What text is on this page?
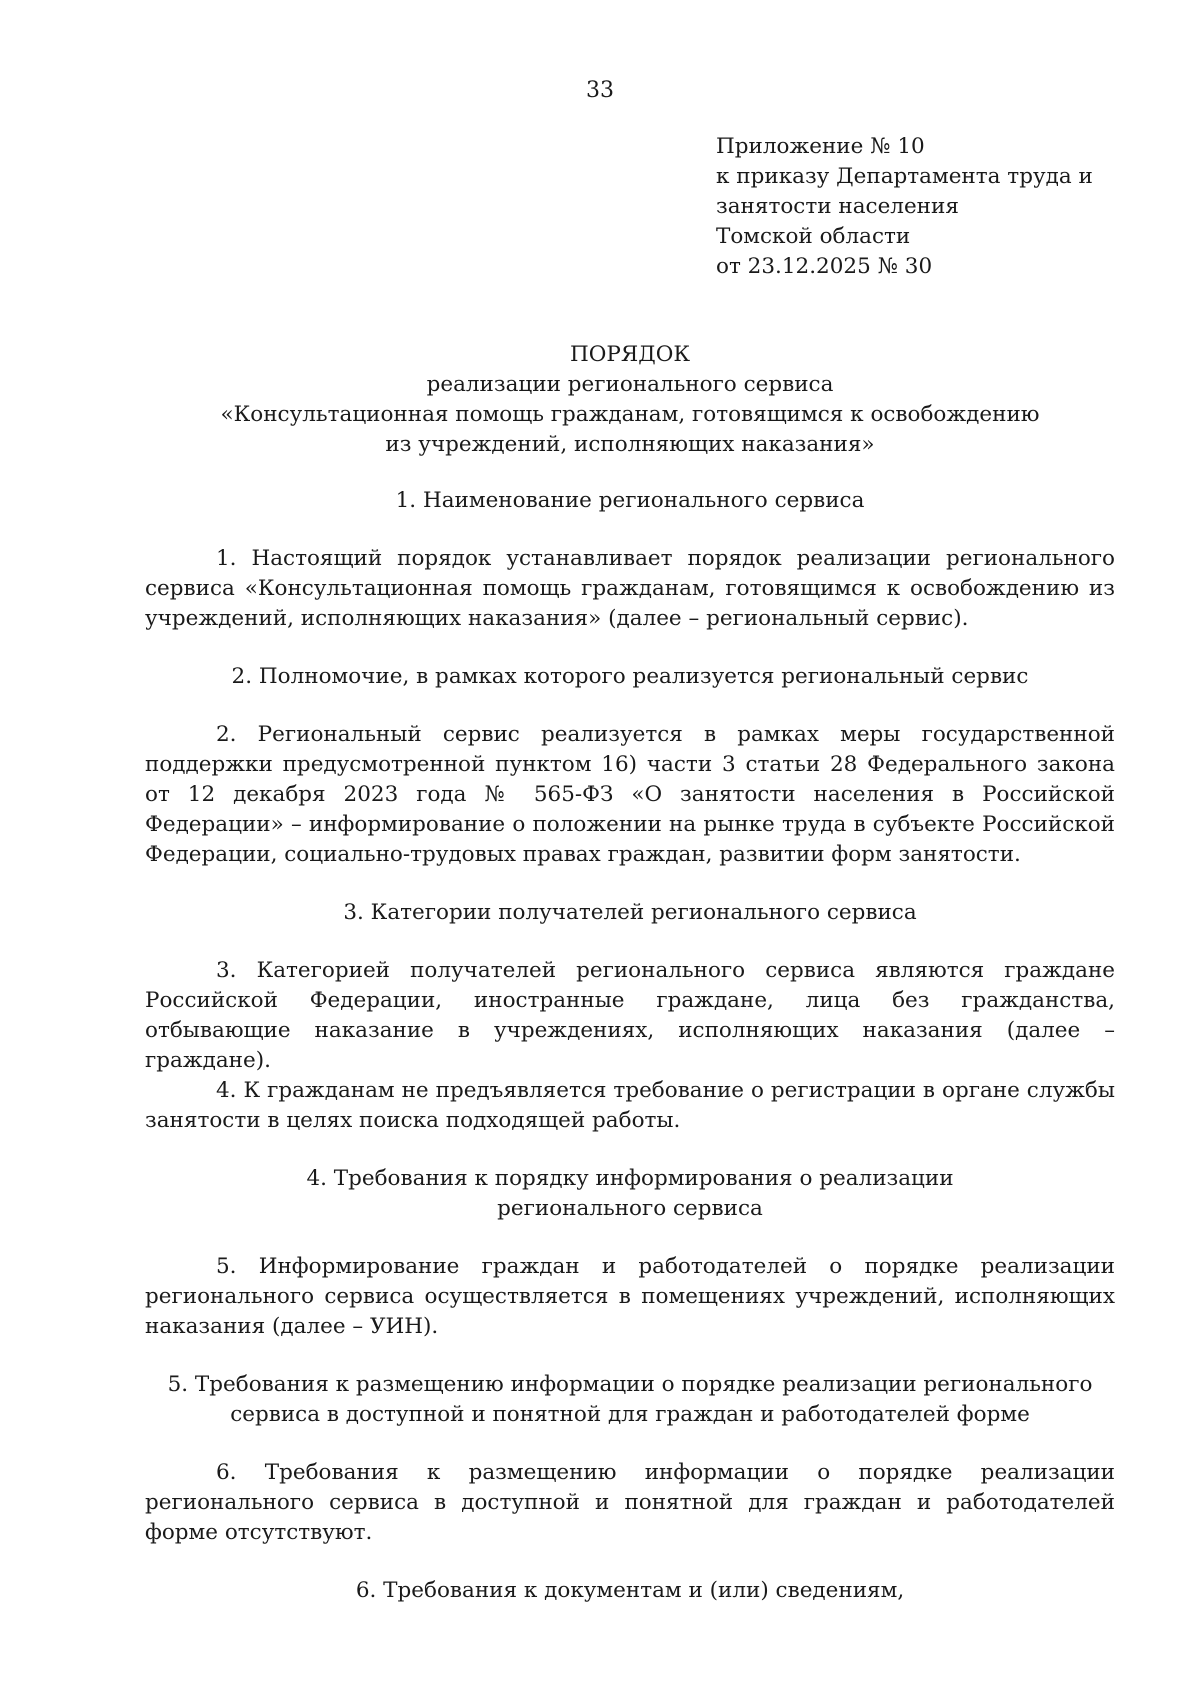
33
Приложение № 10
к приказу Департамента труда и
занятости населения
Томской области
от 23.12.2025 № 30
ПОРЯДОК
реализации регионального сервиса
«Консультационная помощь гражданам, готовящимся к освобождению
из учреждений, исполняющих наказания»
1. Наименование регионального сервиса

1. Настоящий порядок устанавливает порядок реализации регионального сервиса «Консультационная помощь гражданам, готовящимся к освобождению из учреждений, исполняющих наказания» (далее – региональный сервис).

2. Полномочие, в рамках которого реализуется региональный сервис

2. Региональный сервис реализуется в рамках меры государственной поддержки предусмотренной пунктом 16) части 3 статьи 28 Федерального закона от 12 декабря 2023 года № 565-ФЗ «О занятости населения в Российской Федерации» – информирование о положении на рынке труда в субъекте Российской Федерации, социально-трудовых правах граждан, развитии форм занятости.

3. Категории получателей регионального сервиса

3. Категорией получателей регионального сервиса являются граждане Российской Федерации, иностранные граждане, лица без гражданства, отбывающие наказание в учреждениях, исполняющих наказания (далее – граждане).

4. К гражданам не предъявляется требование о регистрации в органе службы занятости в целях поиска подходящей работы.

4. Требования к порядку информирования о реализации
регионального сервиса

5. Информирование граждан и работодателей о порядке реализации регионального сервиса осуществляется в помещениях учреждений, исполняющих наказания (далее – УИН).

5. Требования к размещению информации о порядке реализации регионального
сервиса в доступной и понятной для граждан и работодателей форме

6. Требования к размещению информации о порядке реализации регионального сервиса в доступной и понятной для граждан и работодателей форме отсутствуют.

6. Требования к документам и (или) сведениям,
